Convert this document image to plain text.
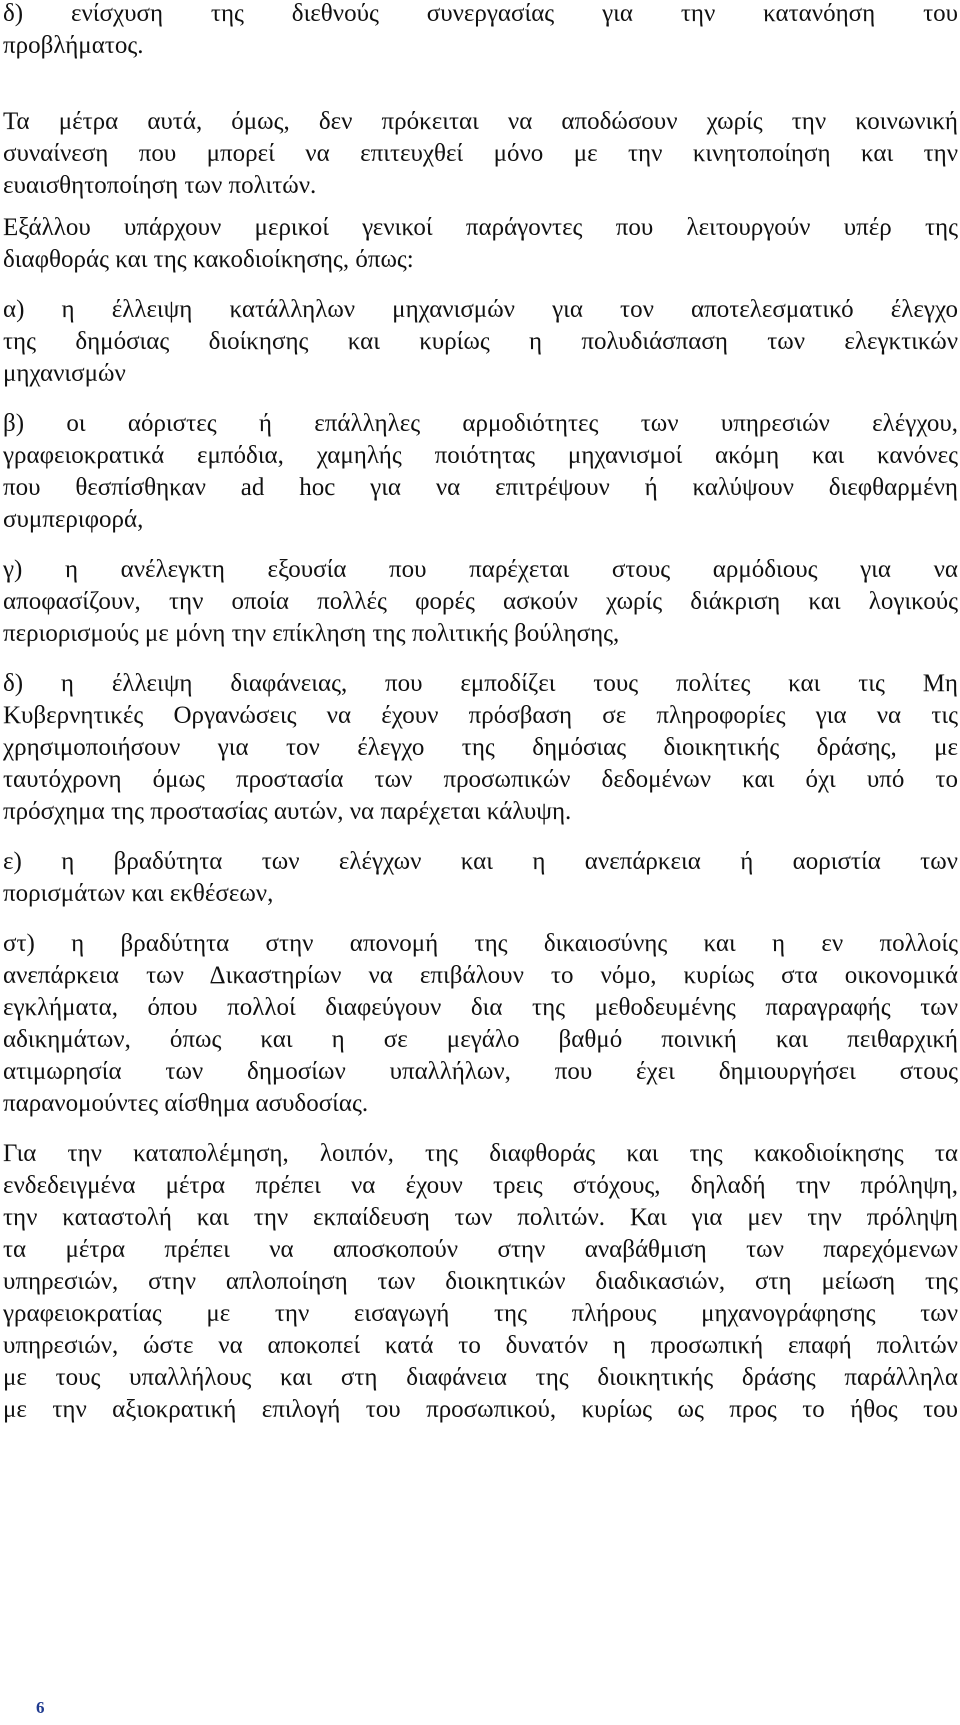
δ) ενίσχυση της διεθνούς συνεργασίας για την κατανόηση του
προβλήματος.
Τα μέτρα αυτά, όμως, δεν πρόκειται να αποδώσουν χωρίς την κοινωνική
συναίνεση που μπορεί να επιτευχθεί μόνο με την κινητοποίηση και την
ευαισθητοποίηση των πολιτών.
Εξάλλου υπάρχουν μερικοί γενικοί παράγοντες που λειτουργούν υπέρ της
διαφθοράς και της κακοδιοίκησης, όπως:
α) η έλλειψη κατάλληλων μηχανισμών για τον αποτελεσματικό έλεγχο
της δημόσιας διοίκησης και κυρίως η πολυδιάσπαση των ελεγκτικών
μηχανισμών
β) οι αόριστες ή επάλληλες αρμοδιότητες των υπηρεσιών ελέγχου,
γραφειοκρατικά εμπόδια, χαμηλής ποιότητας μηχανισμοί ακόμη και κανόνες
που θεσπίσθηκαν ad hoc για να επιτρέψουν ή καλύψουν διεφθαρμένη
συμπεριφορά,
γ) η ανέλεγκτη εξουσία που παρέχεται στους αρμόδιους για να
αποφασίζουν, την οποία πολλές φορές ασκούν χωρίς διάκριση και λογικούς
περιορισμούς με μόνη την επίκληση της πολιτικής βούλησης,
δ) η έλλειψη διαφάνειας, που εμποδίζει τους πολίτες και τις Μη
Κυβερνητικές Οργανώσεις να έχουν πρόσβαση σε πληροφορίες για να τις
χρησιμοποιήσουν για τον έλεγχο της δημόσιας διοικητικής δράσης, με
ταυτόχρονη όμως προστασία των προσωπικών δεδομένων και όχι υπό το
πρόσχημα της προστασίας αυτών, να παρέχεται κάλυψη.
ε) η βραδύτητα των ελέγχων και η ανεπάρκεια ή αοριστία των
πορισμάτων και εκθέσεων,
στ) η βραδύτητα στην απονομή της δικαιοσύνης και η εν πολλοίς
ανεπάρκεια των Δικαστηρίων να επιβάλουν το νόμο, κυρίως στα οικονομικά
εγκλήματα, όπου πολλοί διαφεύγουν δια της μεθοδευμένης παραγραφής των
αδικημάτων, όπως και η σε μεγάλο βαθμό ποινική και πειθαρχική
ατιμωρησία των δημοσίων υπαλλήλων, που έχει δημιουργήσει στους
παρανομούντες αίσθημα ασυδοσίας.
Για την καταπολέμηση, λοιπόν, της διαφθοράς και της κακοδιοίκησης τα
ενδεδειγμένα μέτρα πρέπει να έχουν τρεις στόχους, δηλαδή την πρόληψη,
την καταστολή και την εκπαίδευση των πολιτών. Και για μεν την πρόληψη
τα μέτρα πρέπει να αποσκοπούν στην αναβάθμιση των παρεχόμενων
υπηρεσιών, στην απλοποίηση των διοικητικών διαδικασιών, στη μείωση της
γραφειοκρατίας με την εισαγωγή της πλήρους μηχανογράφησης των
υπηρεσιών, ώστε να αποκοπεί κατά το δυνατόν η προσωπική επαφή πολιτών
με τους υπαλλήλους και στη διαφάνεια της διοικητικής δράσης παράλληλα
με την αξιοκρατική επιλογή του προσωπικού, κυρίως ως προς το ήθος του
6
